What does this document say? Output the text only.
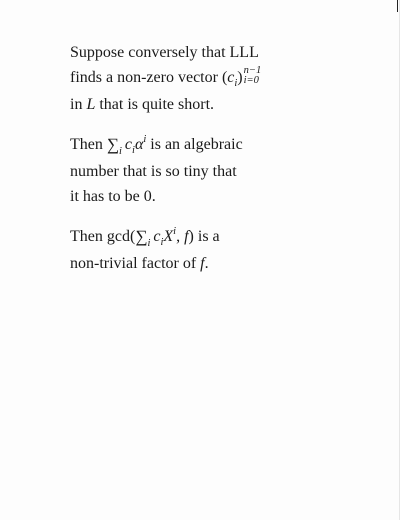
Suppose conversely that LLL
finds a non-zero vector $(c_i)$ n−1
i=0
in L that is quite short.

Then $\sum_i$ $c_i\alpha^i$ is an algebraic
number that is so tiny that
it has to be 0.

Then $\gcd(\sum_i$ $c_iX^i$, f) is a
non-trivial factor of f.
